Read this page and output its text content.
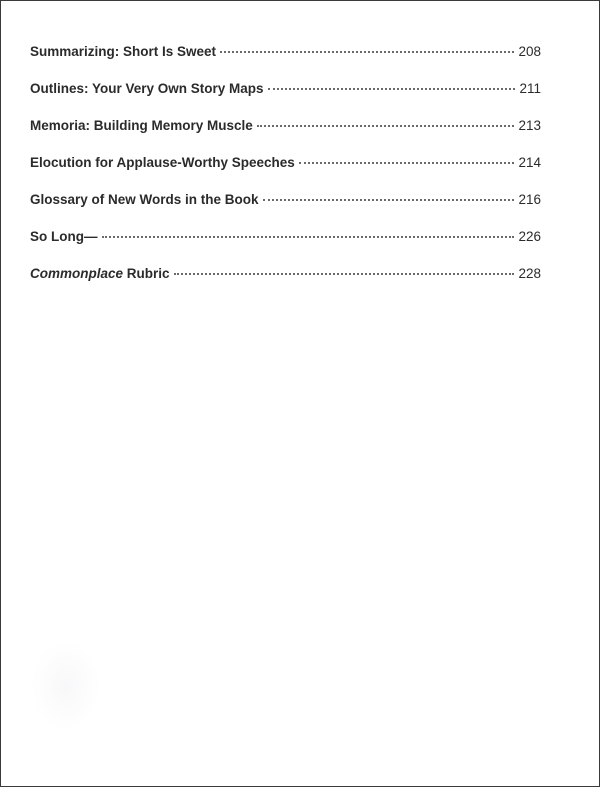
Summarizing: Short Is Sweet	208
Outlines: Your Very Own Story Maps	211
Memoria: Building Memory Muscle	213
Elocution for Applause-Worthy Speeches	214
Glossary of New Words in the Book	216
So Long—	226
Commonplace Rubric	228
